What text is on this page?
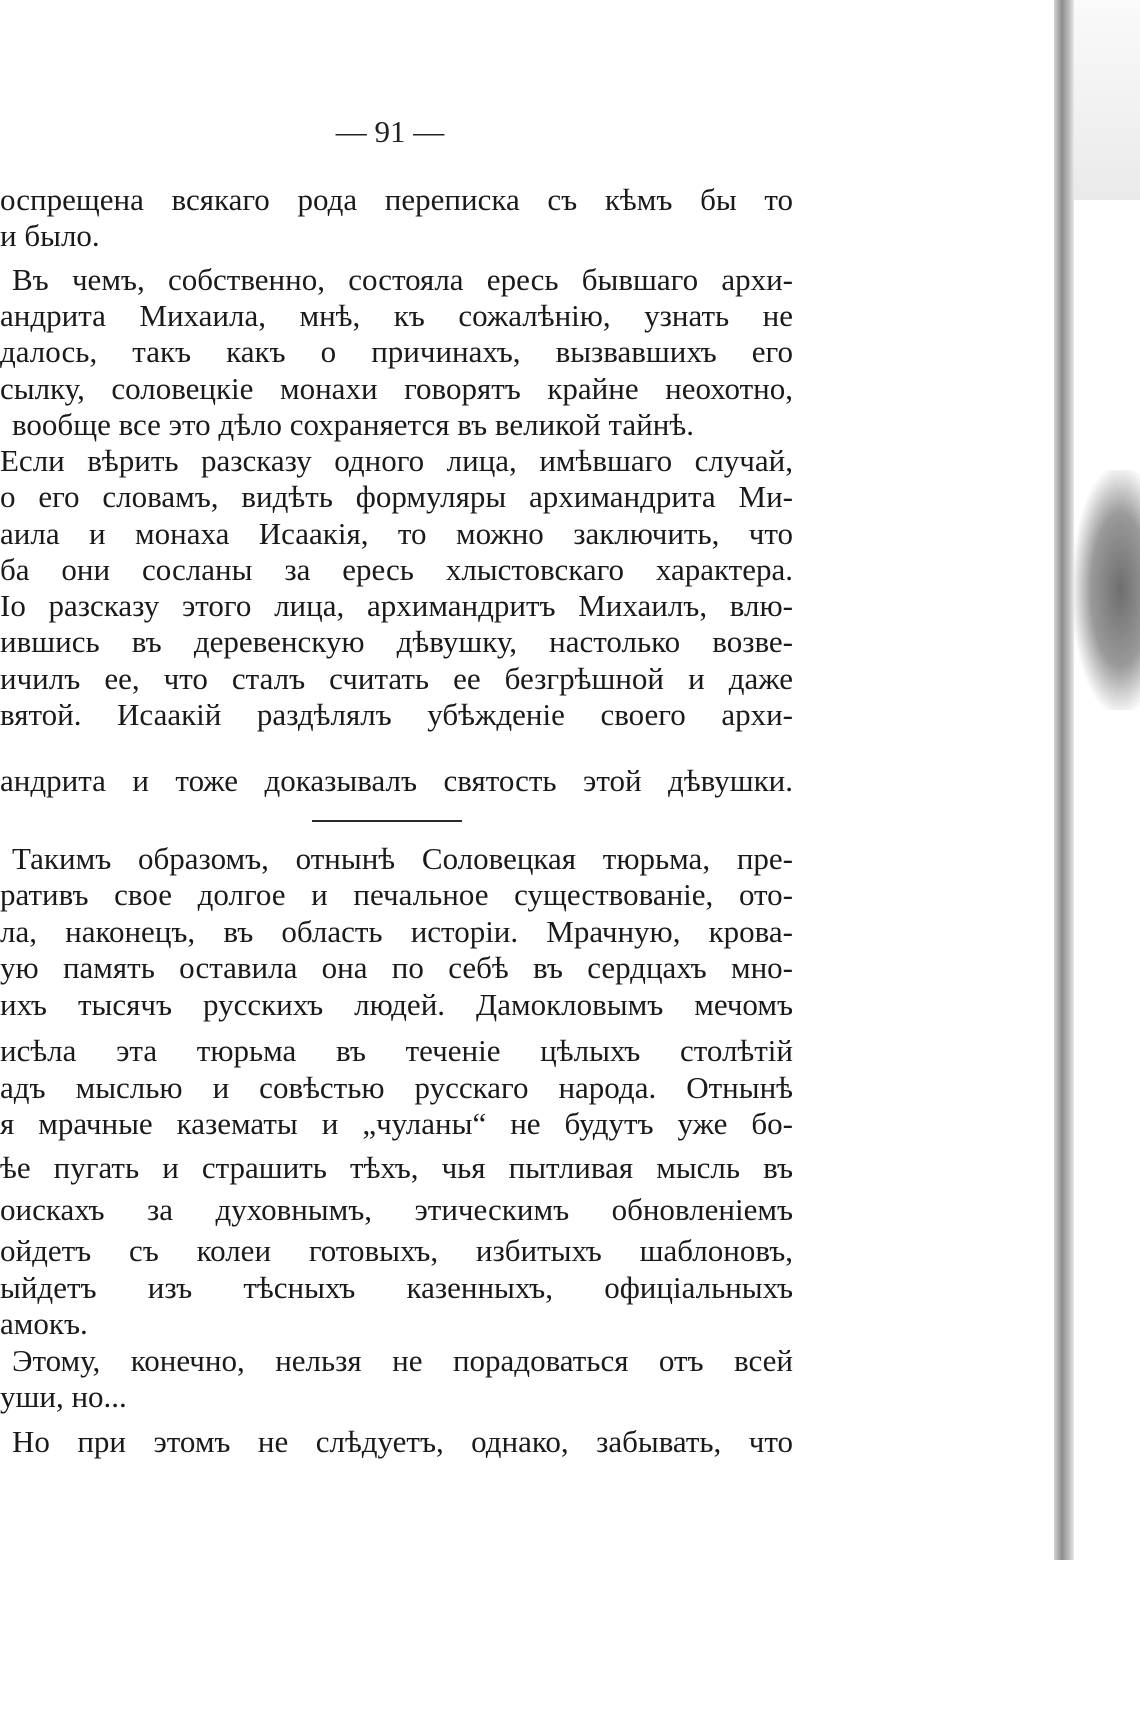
— 91 —
оспрещена всякаго рода переписка съ кѣмъ бы то
и было.
Въ чемъ, собственно, состояла ересь бывшаго архи-
андрита Михаила, мнѣ, къ сожалѣнію, узнать не
далось, такъ какъ о причинахъ, вызвавшихъ его
сылку, соловецкіе монахи говорятъ крайне неохотно,
вообще все это дѣло сохраняется въ великой тайнѣ.
Если вѣрить разсказу одного лица, имѣвшаго случай,
о его словамъ, видѣть формуляры архимандрита Ми-
аила и монаха Исаакія, то можно заключить, что
ба они сосланы за ересь хлыстовскаго характера.
Іо разсказу этого лица, архимандритъ Михаилъ, влю-
ившись въ деревенскую дѣвушку, настолько возве-
ичилъ ее, что сталъ считать ее безгрѣшной и даже
вятой. Исаакій раздѣлялъ убѣжденіе своего архи-
андрита и тоже доказывалъ святость этой дѣвушки.
Такимъ образомъ, отнынѣ Соловецкая тюрьма, пре-
ративъ свое долгое и печальное существованіе, ото-
ла, наконецъ, въ область исторіи. Мрачную, крова-
ую память оставила она по себѣ въ сердцахъ мно-
ихъ тысячъ русскихъ людей. Дамокловымъ мечомъ
исѣла эта тюрьма въ теченіе цѣлыхъ столѣтій
адъ мыслью и совѣстью русскаго народа. Отнынѣ
я мрачные казематы и „чуланы“ не будутъ уже бо-
ѣе пугать и страшить тѣхъ, чья пытливая мысль въ
оискахъ за духовнымъ, этическимъ обновленіемъ
ойдетъ съ колеи готовыхъ, избитыхъ шаблоновъ,
ыйдетъ изъ тѣсныхъ казенныхъ, офиціальныхъ
амокъ.
Этому, конечно, нельзя не порадоваться отъ всей
уши, но...
Но при этомъ не слѣдуетъ, однако, забывать, что
